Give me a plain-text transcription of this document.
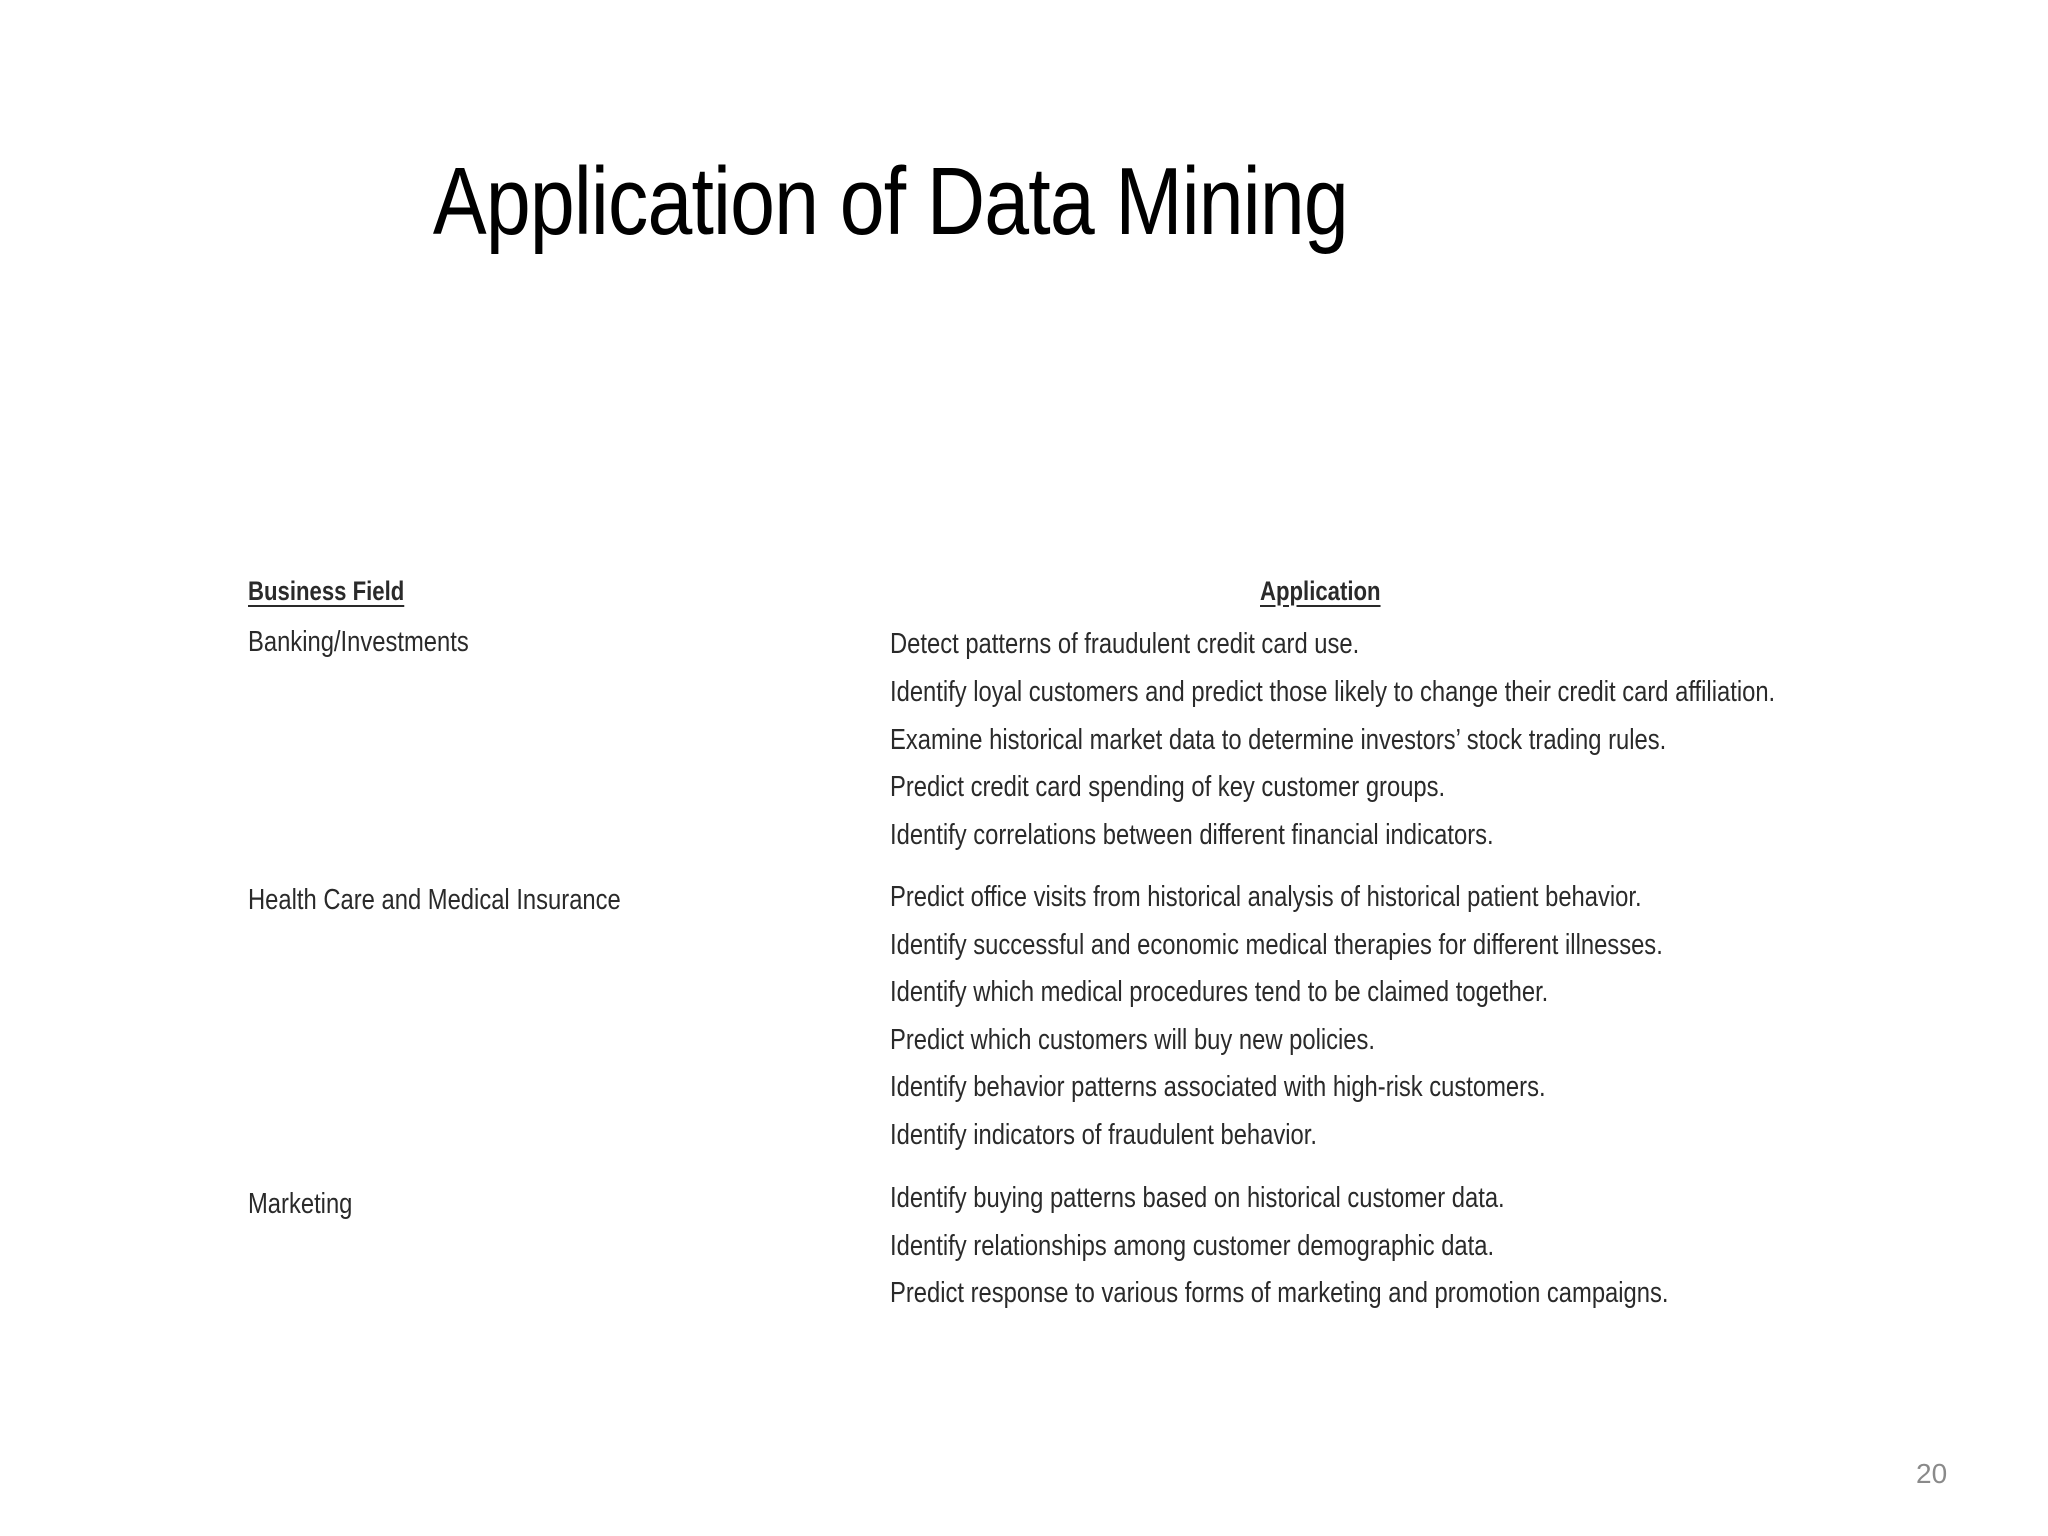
Application of Data Mining
Business Field	Application
Banking/Investments	Detect patterns of fraudulent credit card use.
Identify loyal customers and predict those likely to change their credit card affiliation.
Examine historical market data to determine investors’ stock trading rules.
Predict credit card spending of key customer groups.
Identify correlations between different financial indicators.
Health Care and Medical Insurance	Predict office visits from historical analysis of historical patient behavior.
Identify successful and economic medical therapies for different illnesses.
Identify which medical procedures tend to be claimed together.
Predict which customers will buy new policies.
Identify behavior patterns associated with high-risk customers.
Identify indicators of fraudulent behavior.
Marketing	Identify buying patterns based on historical customer data.
Identify relationships among customer demographic data.
Predict response to various forms of marketing and promotion campaigns.
20
